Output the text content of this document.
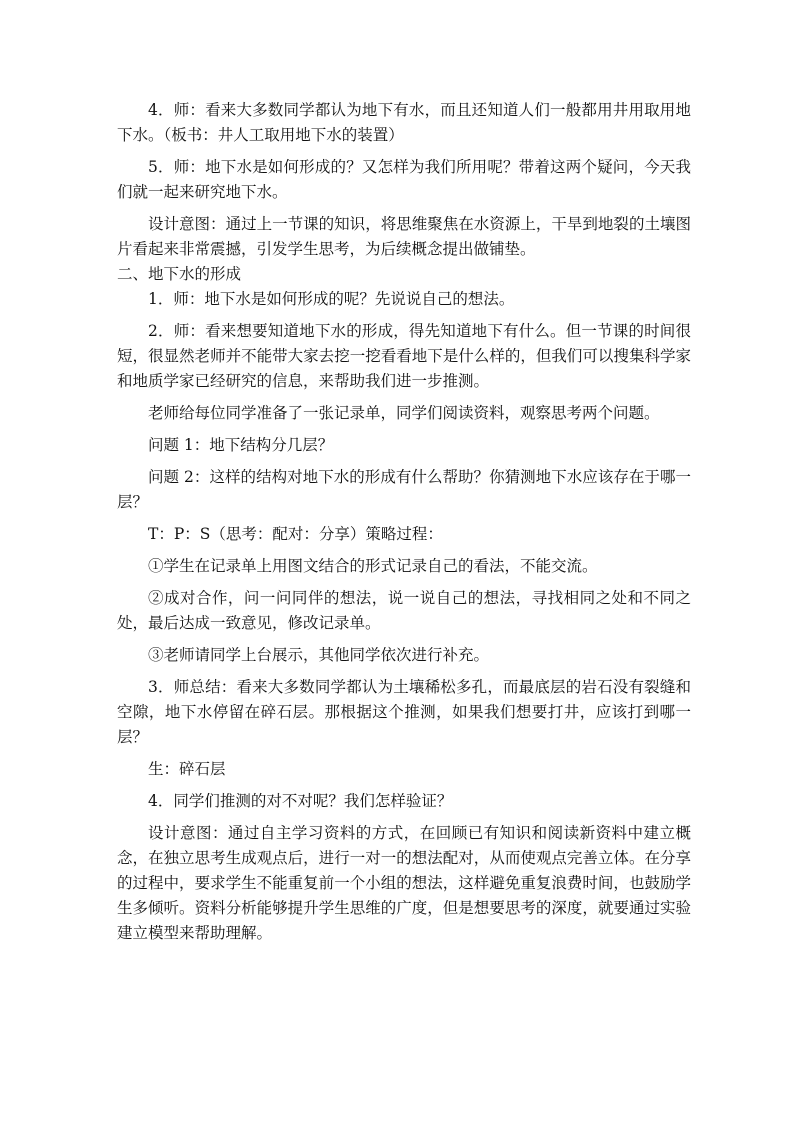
4．师：看来大多数同学都认为地下有水，而且还知道人们一般都用井用取用地下水。（板书：井人工取用地下水的装置）

5．师：地下水是如何形成的？又怎样为我们所用呢？带着这两个疑问，今天我们就一起来研究地下水。

设计意图：通过上一节课的知识，将思维聚焦在水资源上，干旱到地裂的土壤图片看起来非常震撼，引发学生思考，为后续概念提出做铺垫。

二、地下水的形成

1．师：地下水是如何形成的呢？先说说自己的想法。

2．师：看来想要知道地下水的形成，得先知道地下有什么。但一节课的时间很短，很显然老师并不能带大家去挖一挖看看地下是什么样的，但我们可以搜集科学家和地质学家已经研究的信息，来帮助我们进一步推测。

老师给每位同学准备了一张记录单，同学们阅读资料，观察思考两个问题。

问题 1：地下结构分几层？

问题 2：这样的结构对地下水的形成有什么帮助？你猜测地下水应该存在于哪一层？

T：P：S（思考：配对：分享）策略过程：

①学生在记录单上用图文结合的形式记录自己的看法，不能交流。

②成对合作，问一问同伴的想法，说一说自己的想法，寻找相同之处和不同之处，最后达成一致意见，修改记录单。

③老师请同学上台展示，其他同学依次进行补充。

3．师总结：看来大多数同学都认为土壤稀松多孔，而最底层的岩石没有裂缝和空隙，地下水停留在碎石层。那根据这个推测，如果我们想要打井，应该打到哪一层？

生：碎石层

4．同学们推测的对不对呢？我们怎样验证？

设计意图：通过自主学习资料的方式，在回顾已有知识和阅读新资料中建立概念，在独立思考生成观点后，进行一对一的想法配对，从而使观点完善立体。在分享的过程中，要求学生不能重复前一个小组的想法，这样避免重复浪费时间，也鼓励学生多倾听。资料分析能够提升学生思维的广度，但是想要思考的深度，就要通过实验建立模型来帮助理解。
